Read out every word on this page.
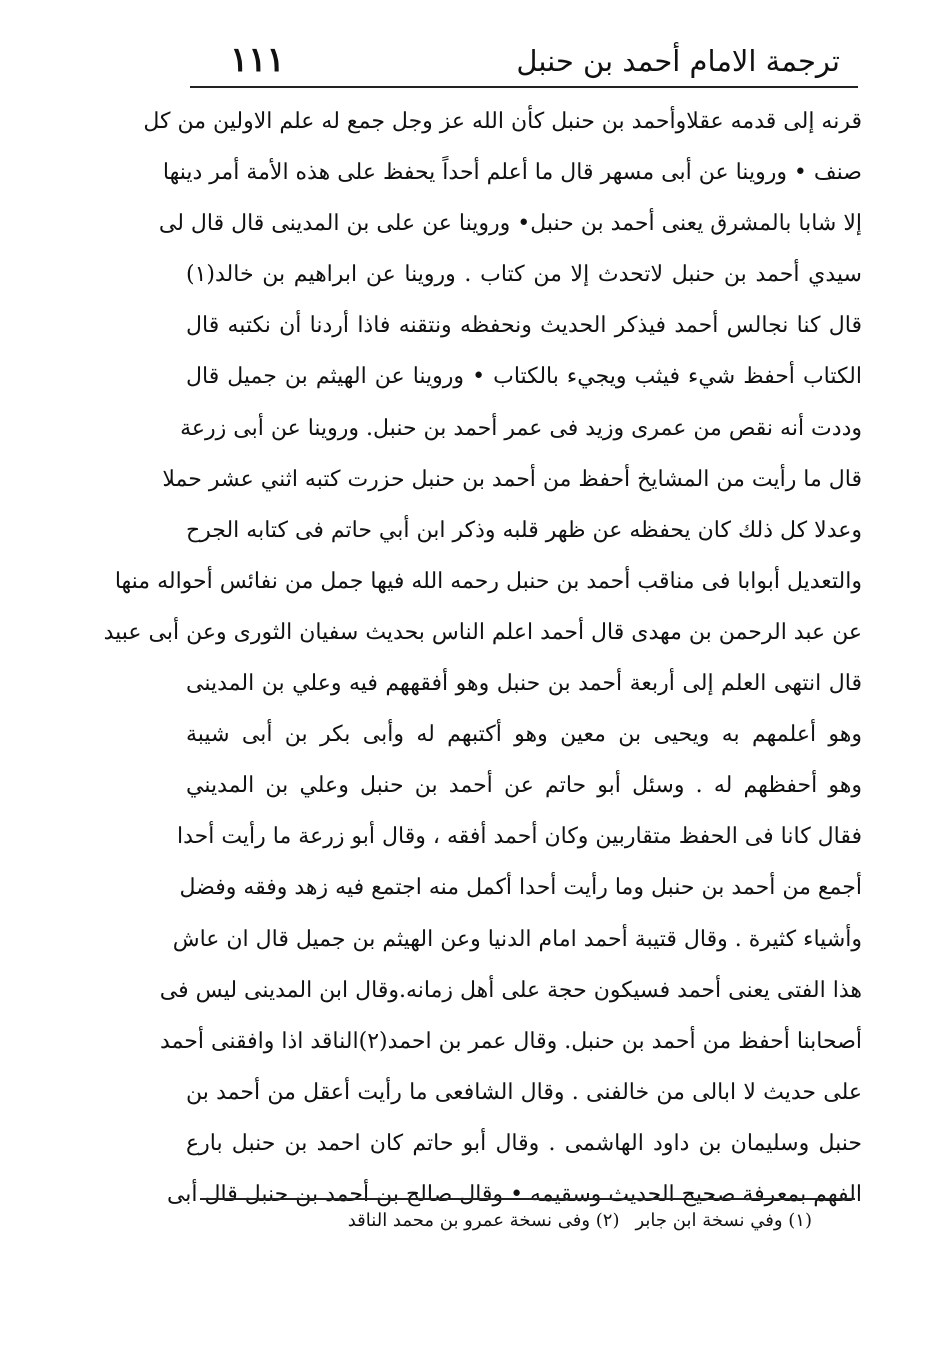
١١١	ترجمة الامام أحمد بن حنبل
قرنه إلى قدمه عقلاوأحمد بن حنبل كأن الله عز وجل جمع له علم الاولين من كل
صنف • وروينا عن أبى مسهر قال ما أعلم أحداً يحفظ على هذه الأمة أمر دينها
إلا شابا بالمشرق يعنى أحمد بن حنبل• وروينا عن على بن المدينى قال قال لى
سيدي أحمد بن حنبل لاتحدث إلا من كتاب . وروينا عن ابراهيم بن خالد(١)
قال كنا نجالس أحمد فيذكر الحديث ونحفظه ونتقنه فاذا أردنا أن نكتبه قال
الكتاب أحفظ شيء فيثب ويجيء بالكتاب • وروينا عن الهيثم بن جميل قال
وددت أنه نقص من عمرى وزيد فى عمر أحمد بن حنبل. وروينا عن أبى زرعة
قال ما رأيت من المشايخ أحفظ من أحمد بن حنبل حزرت كتبه اثني عشر حملا
وعدلا كل ذلك كان يحفظه عن ظهر قلبه وذكر ابن أبي حاتم فى كتابه الجرح
والتعديل أبوابا فى مناقب أحمد بن حنبل رحمه الله فيها جمل من نفائس أحواله منها
عن عبد الرحمن بن مهدى قال أحمد اعلم الناس بحديث سفيان الثورى وعن أبى عبيد
قال انتهى العلم إلى أربعة أحمد بن حنبل وهو أفقههم فيه وعلي بن المدينى
وهو أعلمهم به ويحيى بن معين وهو أكتبهم له وأبى بكر بن أبى شيبة
وهو أحفظهم له . وسئل أبو حاتم عن أحمد بن حنبل وعلي بن المديني
فقال كانا فى الحفظ متقاربين وكان أحمد أفقه ، وقال أبو زرعة ما رأيت أحدا
أجمع من أحمد بن حنبل وما رأيت أحدا أكمل منه اجتمع فيه زهد وفقه وفضل
وأشياء كثيرة . وقال قتيبة أحمد امام الدنيا وعن الهيثم بن جميل قال ان عاش
هذا الفتى يعنى أحمد فسيكون حجة على أهل زمانه.وقال ابن المدينى ليس فى
أصحابنا أحفظ من أحمد بن حنبل. وقال عمر بن احمد(٢)الناقد اذا وافقنى أحمد
على حديث لا ابالى من خالفنى . وقال الشافعى ما رأيت أعقل من أحمد بن
حنبل وسليمان بن داود الهاشمى . وقال أبو حاتم كان احمد بن حنبل بارع
الفهم بمعرفة صحيح الحديث وسقيمه • وقال صالح بن أحمد بن حنبل قال أبى
(١) وفي نسخة ابن جابر(٢) وفى نسخة عمرو بن محمد الناقد
